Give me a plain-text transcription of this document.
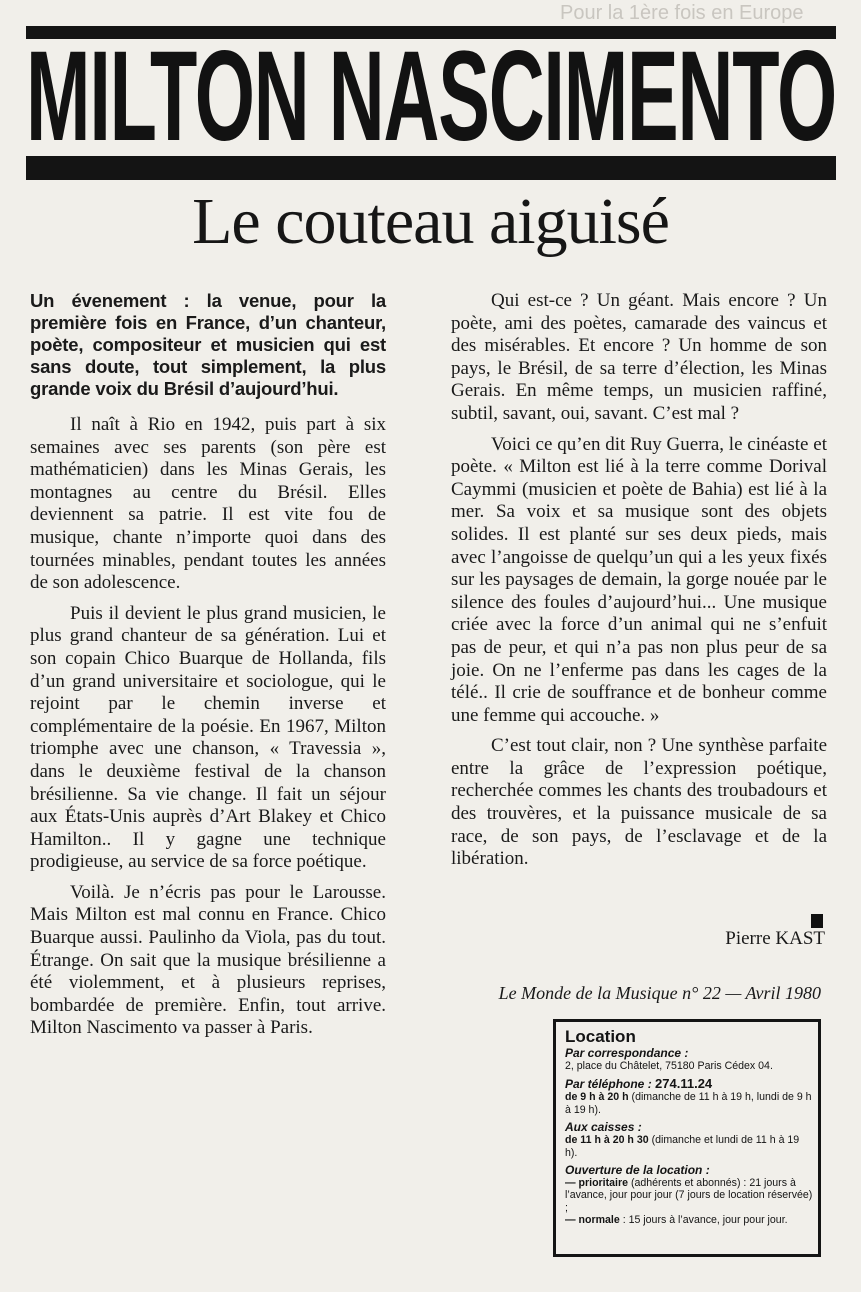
Pour la 1ère fois en Europe
MILTON NASCIMENTO
Le couteau aiguisé

Un évenement : la venue, pour la première fois en France, d’un chanteur, poète, compositeur et musicien qui est sans doute, tout simplement, la plus grande voix du Brésil d’aujourd’hui.

Il naît à Rio en 1942, puis part à six semaines avec ses parents (son père est mathématicien) dans les Minas Gerais, les montagnes au centre du Brésil. Elles deviennent sa patrie. Il est vite fou de musique, chante n’importe quoi dans des tournées minables, pendant toutes les années de son adolescence.

Puis il devient le plus grand musicien, le plus grand chanteur de sa génération. Lui et son copain Chico Buarque de Hollanda, fils d’un grand universitaire et sociologue, qui le rejoint par le chemin inverse et complémentaire de la poésie. En 1967, Milton triomphe avec une chanson, « Travessia », dans le deuxième festival de la chanson brésilienne. Sa vie change. Il fait un séjour aux États-Unis auprès d’Art Blakey et Chico Hamilton.. Il y gagne une technique prodigieuse, au service de sa force poétique.

Voilà. Je n’écris pas pour le Larousse. Mais Milton est mal connu en France. Chico Buarque aussi. Paulinho da Viola, pas du tout. Étrange. On sait que la musique brésilienne a été violemment, et à plusieurs reprises, bombardée de première. Enfin, tout arrive. Milton Nascimento va passer à Paris.

Qui est-ce ? Un géant. Mais encore ? Un poète, ami des poètes, camarade des vaincus et des misérables. Et encore ? Un homme de son pays, le Brésil, de sa terre d’élection, les Minas Gerais. En même temps, un musicien raffiné, subtil, savant, oui, savant. C’est mal ?

Voici ce qu’en dit Ruy Guerra, le cinéaste et poète. « Milton est lié à la terre comme Dorival Caymmi (musicien et poète de Bahia) est lié à la mer. Sa voix et sa musique sont des objets solides. Il est planté sur ses deux pieds, mais avec l’angoisse de quelqu’un qui a les yeux fixés sur les paysages de demain, la gorge nouée par le silence des foules d’aujourd’hui... Une musique criée avec la force d’un animal qui ne s’enfuit pas de peur, et qui n’a pas non plus peur de sa joie. On ne l’enferme pas dans les cages de la télé.. Il crie de souffrance et de bonheur comme une femme qui accouche. »

C’est tout clair, non ? Une synthèse parfaite entre la grâce de l’expression poétique, recherchée commes les chants des troubadours et des trouvères, et la puissance musicale de sa race, de son pays, de l’esclavage et de la libération.

Pierre KAST
Le Monde de la Musique n° 22 — Avril 1980
Location
Par correspondance :
2, place du Châtelet, 75180 Paris Cédex 04.
Par téléphone : 274.11.24
de 9 h à 20 h (dimanche de 11 h à 19 h, lundi de 9 h à 19 h).
Aux caisses :
de 11 h à 20 h 30 (dimanche et lundi de 11 h à 19 h).
Ouverture de la location :
— prioritaire (adhérents et abonnés) : 21 jours à l’avance, jour pour jour (7 jours de location réservée) ;
— normale : 15 jours à l’avance, jour pour jour.
